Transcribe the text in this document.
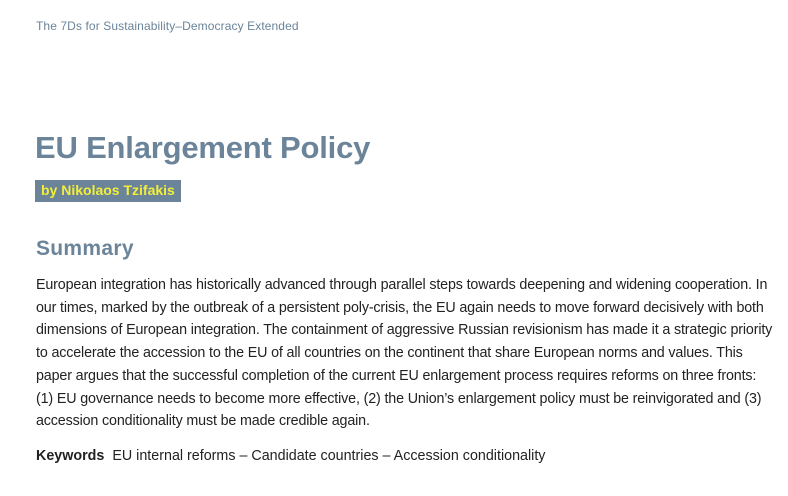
The 7Ds for Sustainability–Democracy Extended
EU Enlargement Policy
by Nikolaos Tzifakis
Summary

European integration has historically advanced through parallel steps towards deepening and widening cooperation. In our times, marked by the outbreak of a persistent poly-crisis, the EU again needs to move forward decisively with both dimensions of European integration. The containment of aggressive Russian revisionism has made it a strategic priority to accelerate the accession to the EU of all countries on the continent that share European norms and values. This paper argues that the successful completion of the current EU enlargement process requires reforms on three fronts: (1) EU governance needs to become more effective, (2) the Union’s enlargement policy must be reinvigorated and (3) accession conditionality must be made credible again.

Keywords EU internal reforms – Candidate countries – Accession conditionality
